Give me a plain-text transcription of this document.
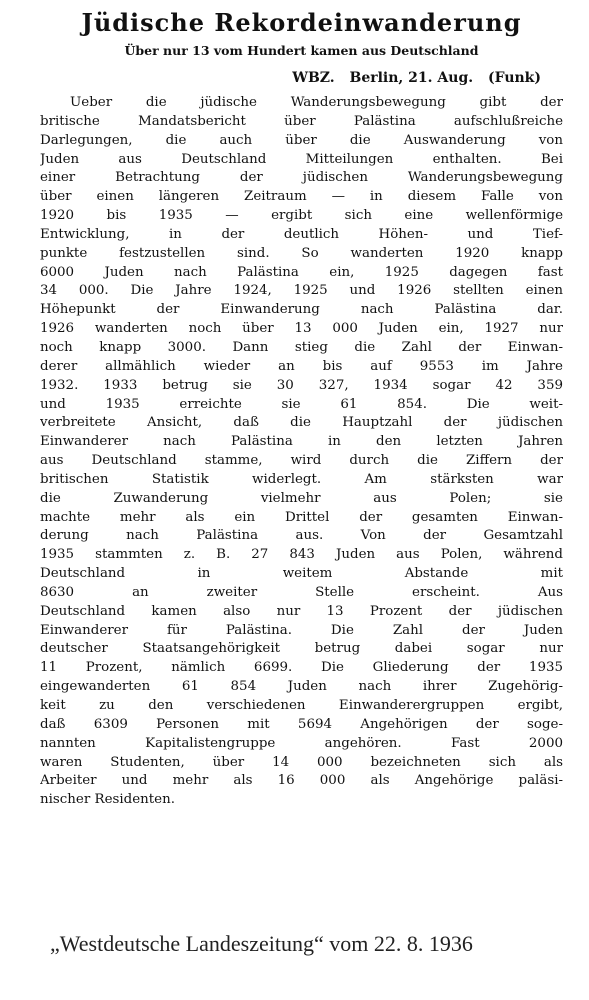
Jüdische Rekordeinwanderung
Über nur 13 vom Hundert kamen aus Deutschland
WBZ. Berlin, 21. Aug. (Funk)
Ueber die jüdische Wanderungsbewegung gibt der
britische Mandatsbericht über Palästina aufschlußreiche
Darlegungen, die auch über die Auswanderung von
Juden aus Deutschland Mitteilungen enthalten. Bei
einer Betrachtung der jüdischen Wanderungsbewegung
über einen längeren Zeitraum — in diesem Falle von
1920 bis 1935 — ergibt sich eine wellenförmige
Entwicklung, in der deutlich Höhen- und Tief-
punkte festzustellen sind. So wanderten 1920 knapp
6000 Juden nach Palästina ein, 1925 dagegen fast
34 000. Die Jahre 1924, 1925 und 1926 stellten einen
Höhepunkt der Einwanderung nach Palästina dar.
1926 wanderten noch über 13 000 Juden ein, 1927 nur
noch knapp 3000. Dann stieg die Zahl der Einwan-
derer allmählich wieder an bis auf 9553 im Jahre
1932. 1933 betrug sie 30 327, 1934 sogar 42 359
und 1935 erreichte sie 61 854. Die weit-
verbreitete Ansicht, daß die Hauptzahl der jüdischen
Einwanderer nach Palästina in den letzten Jahren
aus Deutschland stamme, wird durch die Ziffern der
britischen Statistik widerlegt. Am stärksten war
die Zuwanderung vielmehr aus Polen; sie
machte mehr als ein Drittel der gesamten Einwan-
derung nach Palästina aus. Von der Gesamtzahl
1935 stammten z. B. 27 843 Juden aus Polen, während
Deutschland in weitem Abstande mit
8630 an zweiter Stelle erscheint. Aus
Deutschland kamen also nur 13 Prozent der jüdischen
Einwanderer für Palästina. Die Zahl der Juden
deutscher Staatsangehörigkeit betrug dabei sogar nur
11 Prozent, nämlich 6699. Die Gliederung der 1935
eingewanderten 61 854 Juden nach ihrer Zugehörig-
keit zu den verschiedenen Einwanderergruppen ergibt,
daß 6309 Personen mit 5694 Angehörigen der soge-
nannten Kapitalistengruppe angehören. Fast 2000
waren Studenten, über 14 000 bezeichneten sich als
Arbeiter und mehr als 16 000 als Angehörige paläsi-
nischer Residenten.
„Westdeutsche Landeszeitung“ vom 22. 8. 1936
